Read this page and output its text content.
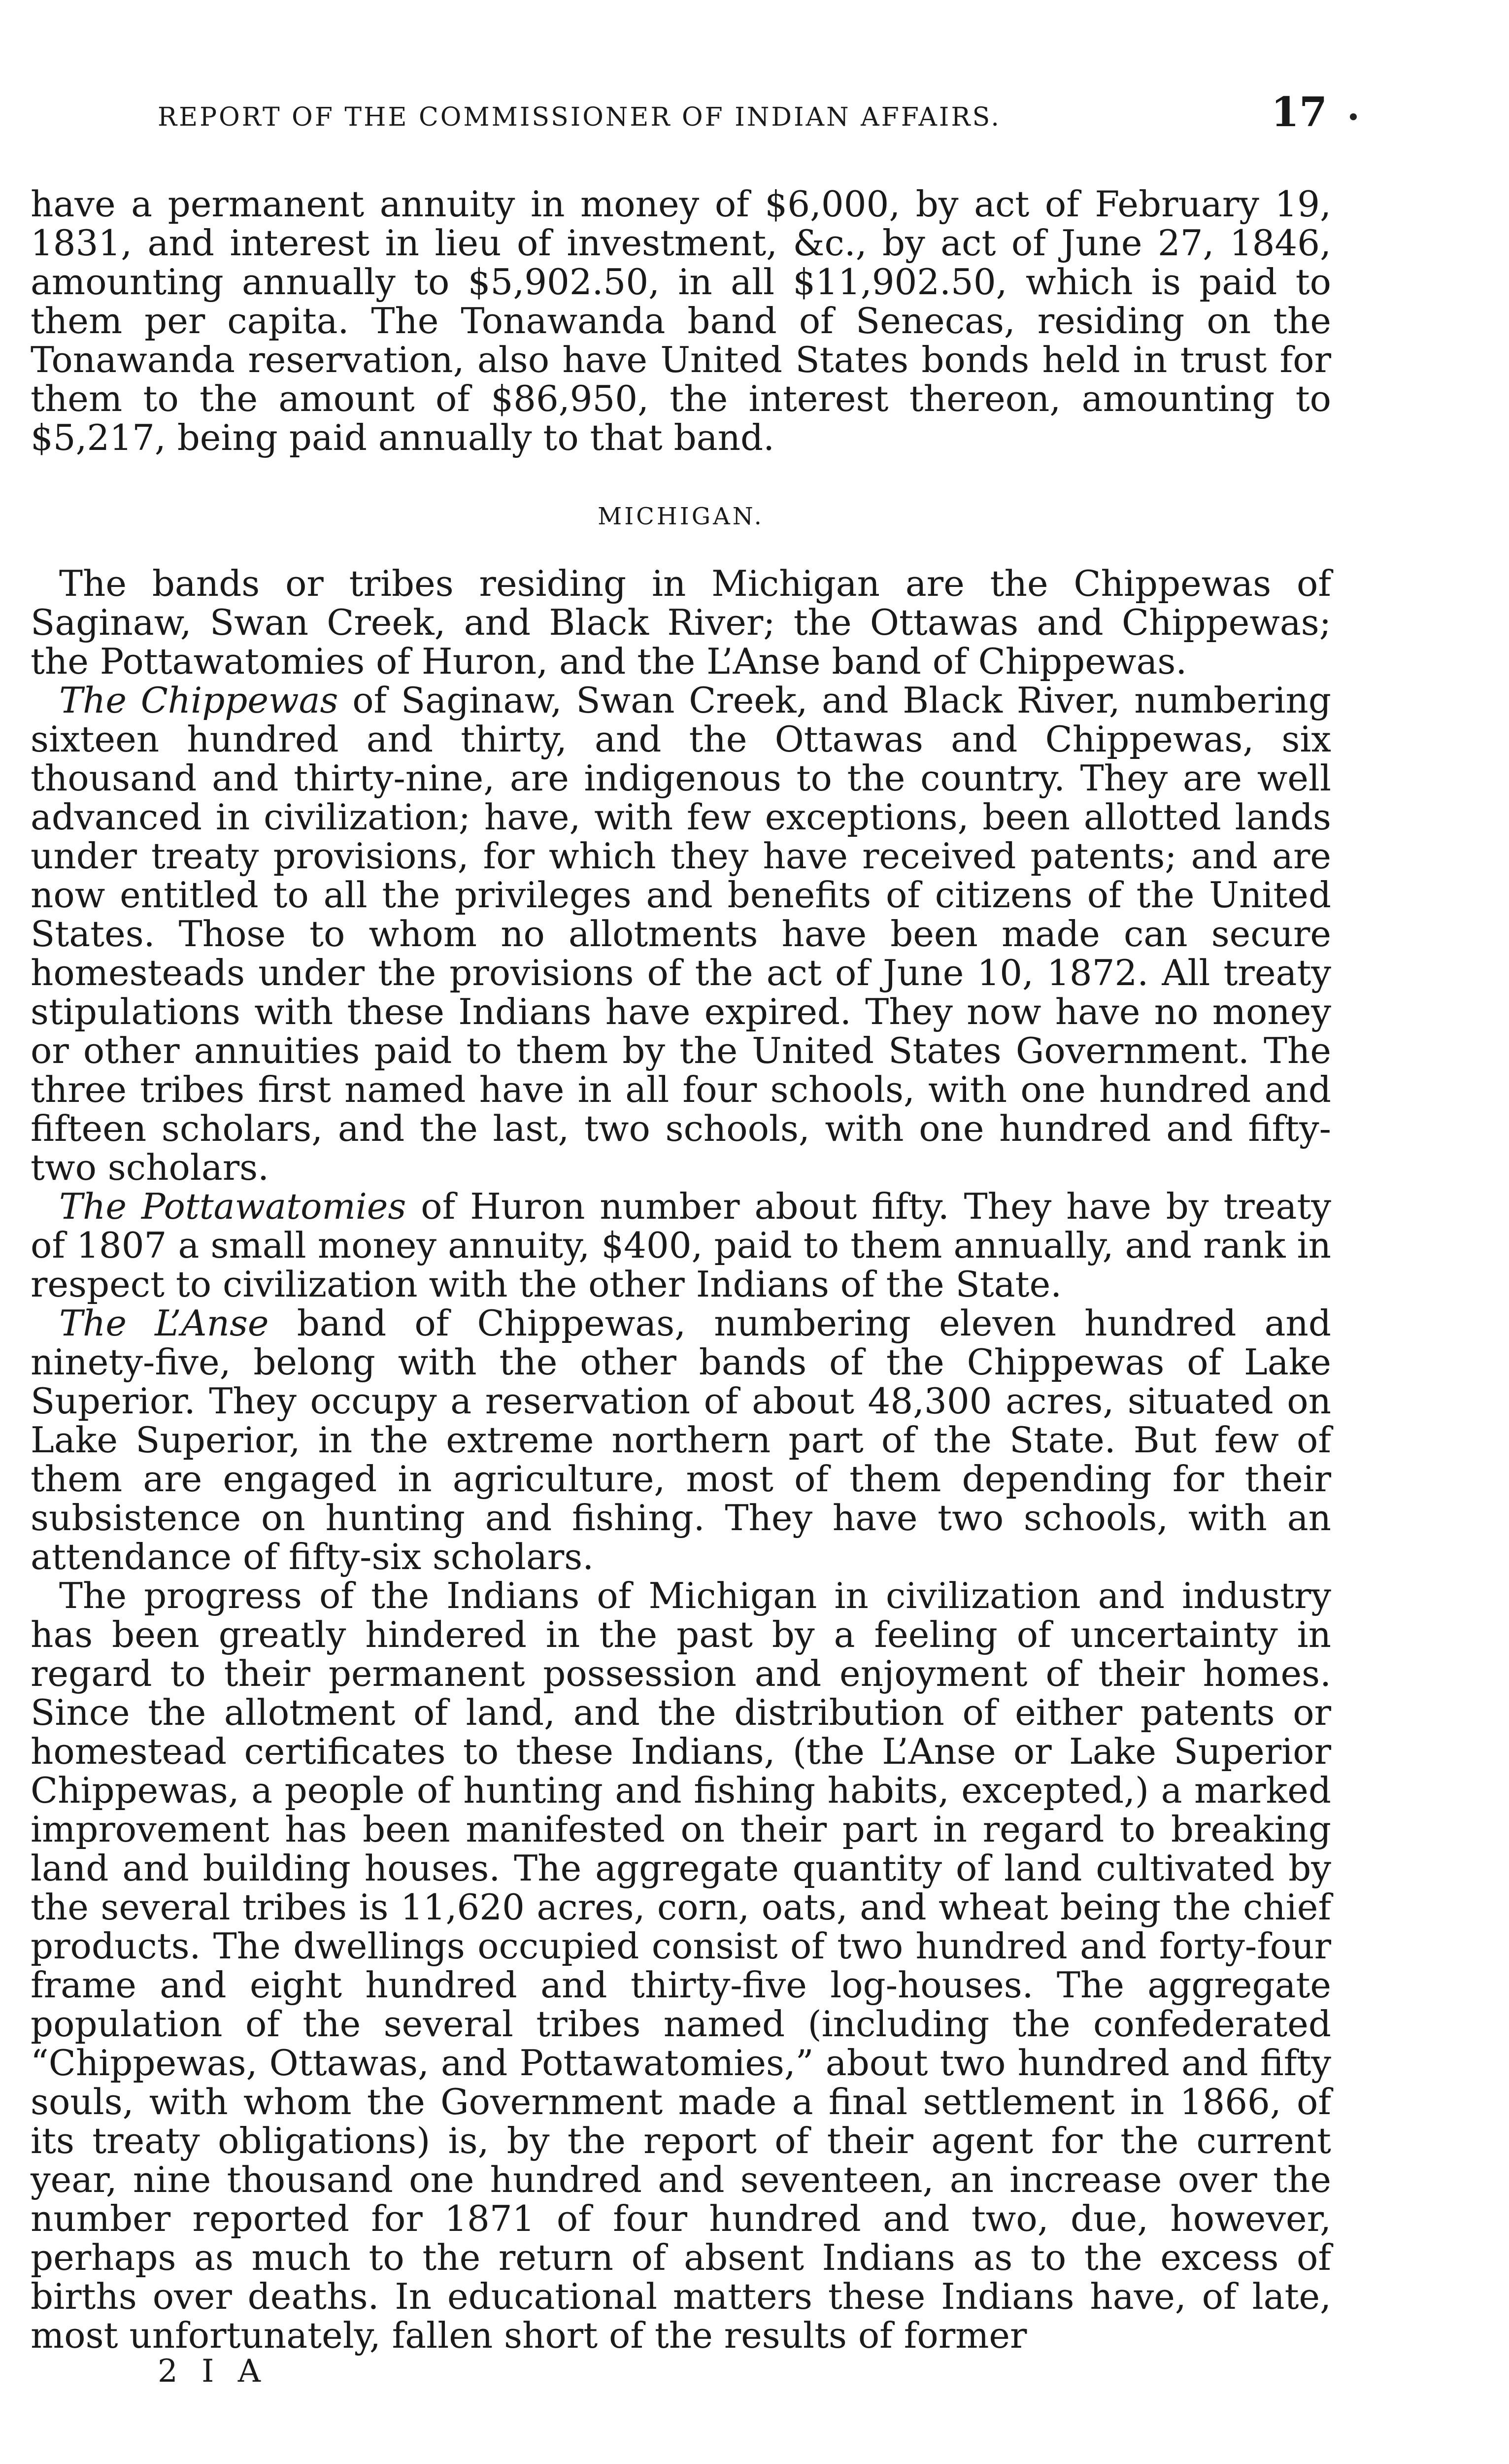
REPORT OF THE COMMISSIONER OF INDIAN AFFAIRS.	17
have a permanent annuity in money of $6,000, by act of February 19, 1831, and interest in lieu of investment, &c., by act of June 27, 1846, amounting annually to $5,902.50, in all $11,902.50, which is paid to them per capita. The Tonawanda band of Senecas, residing on the Tonawanda reservation, also have United States bonds held in trust for them to the amount of $86,950, the interest thereon, amounting to $5,217, being paid annually to that band.
MICHIGAN.

The bands or tribes residing in Michigan are the Chippewas of Saginaw, Swan Creek, and Black River; the Ottawas and Chippewas; the Pottawatomies of Huron, and the L’Anse band of Chippewas.

The Chippewas of Saginaw, Swan Creek, and Black River, numbering sixteen hundred and thirty, and the Ottawas and Chippewas, six thousand and thirty-nine, are indigenous to the country. They are well advanced in civilization; have, with few exceptions, been allotted lands under treaty provisions, for which they have received patents; and are now entitled to all the privileges and benefits of citizens of the United States. Those to whom no allotments have been made can secure homesteads under the provisions of the act of June 10, 1872. All treaty stipulations with these Indians have expired. They now have no money or other annuities paid to them by the United States Government. The three tribes first named have in all four schools, with one hundred and fifteen scholars, and the last, two schools, with one hundred and fifty-two scholars.

The Pottawatomies of Huron number about fifty. They have by treaty of 1807 a small money annuity, $400, paid to them annually, and rank in respect to civilization with the other Indians of the State.

The L’Anse band of Chippewas, numbering eleven hundred and ninety-five, belong with the other bands of the Chippewas of Lake Superior. They occupy a reservation of about 48,300 acres, situated on Lake Superior, in the extreme northern part of the State. But few of them are engaged in agriculture, most of them depending for their subsistence on hunting and fishing. They have two schools, with an attendance of fifty-six scholars.

The progress of the Indians of Michigan in civilization and industry has been greatly hindered in the past by a feeling of uncertainty in regard to their permanent possession and enjoyment of their homes. Since the allotment of land, and the distribution of either patents or homestead certificates to these Indians, (the L’Anse or Lake Superior Chippewas, a people of hunting and fishing habits, excepted,) a marked improvement has been manifested on their part in regard to breaking land and building houses. The aggregate quantity of land cultivated by the several tribes is 11,620 acres, corn, oats, and wheat being the chief products. The dwellings occupied consist of two hundred and forty-four frame and eight hundred and thirty-five log-houses. The aggregate population of the several tribes named (including the confederated “Chippewas, Ottawas, and Pottawatomies,” about two hundred and fifty souls, with whom the Government made a final settlement in 1866, of its treaty obligations) is, by the report of their agent for the current year, nine thousand one hundred and seventeen, an increase over the number reported for 1871 of four hundred and two, due, however, perhaps as much to the return of absent Indians as to the excess of births over deaths. In educational matters these Indians have, of late, most unfortunately, fallen short of the results of former

2 I A
